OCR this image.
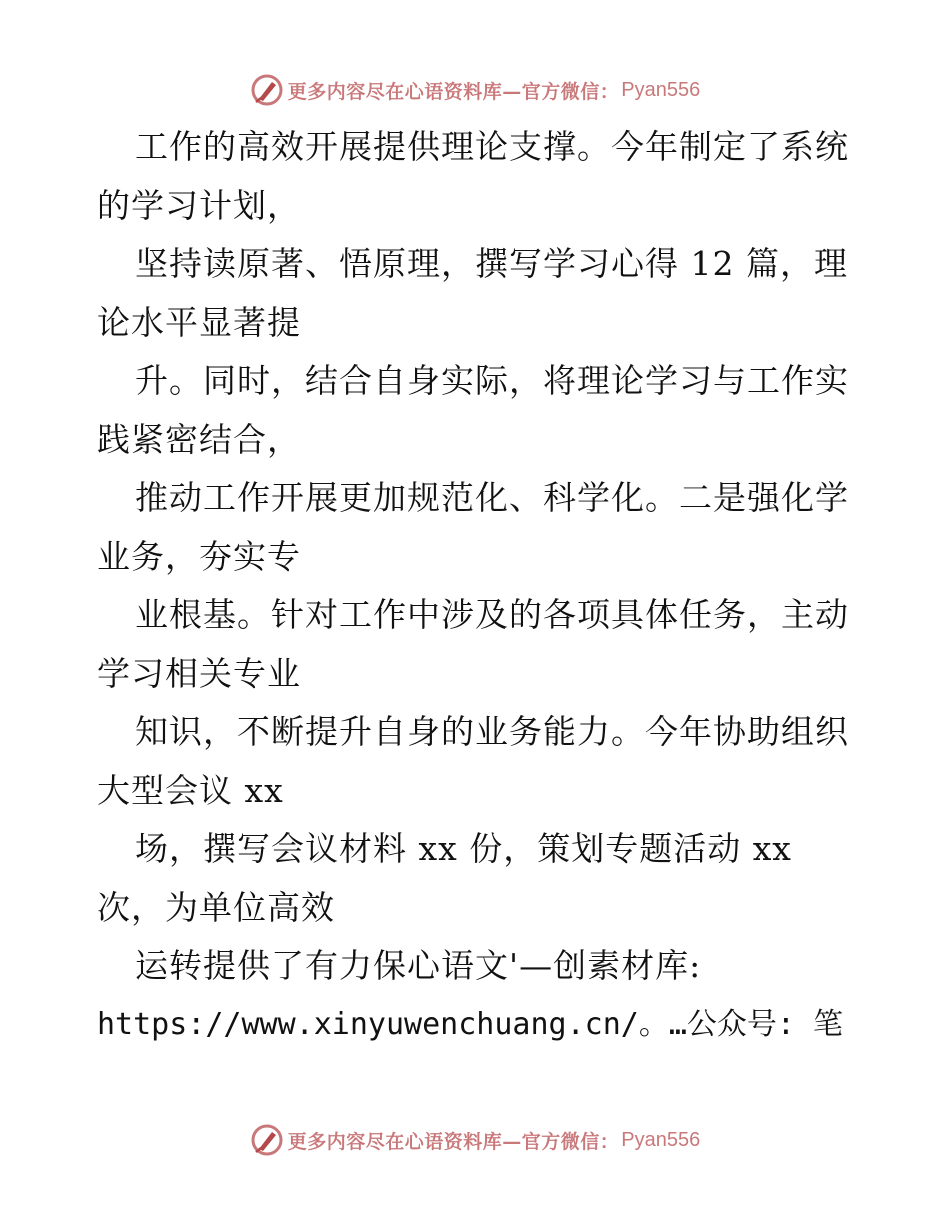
更多内容尽在心语资料库—官方微信： Pyan556
工作的高效开展提供理论支撑。今年制定了系统
的学习计划，
坚持读原著、悟原理，撰写学习心得 12 篇，理
论水平显著提
升。同时，结合自身实际，将理论学习与工作实
践紧密结合，
推动工作开展更加规范化、科学化。二是强化学
业务，夯实专
业根基。针对工作中涉及的各项具体任务，主动
学习相关专业
知识，不断提升自身的业务能力。今年协助组织
大型会议 xx
场，撰写会议材料 xx 份，策划专题活动 xx
次，为单位高效
运转提供了有力保心语文'—创素材库:
https://www.xinyuwenchuang.cn/。…公众号: 笔
更多内容尽在心语资料库—官方微信： Pyan556
